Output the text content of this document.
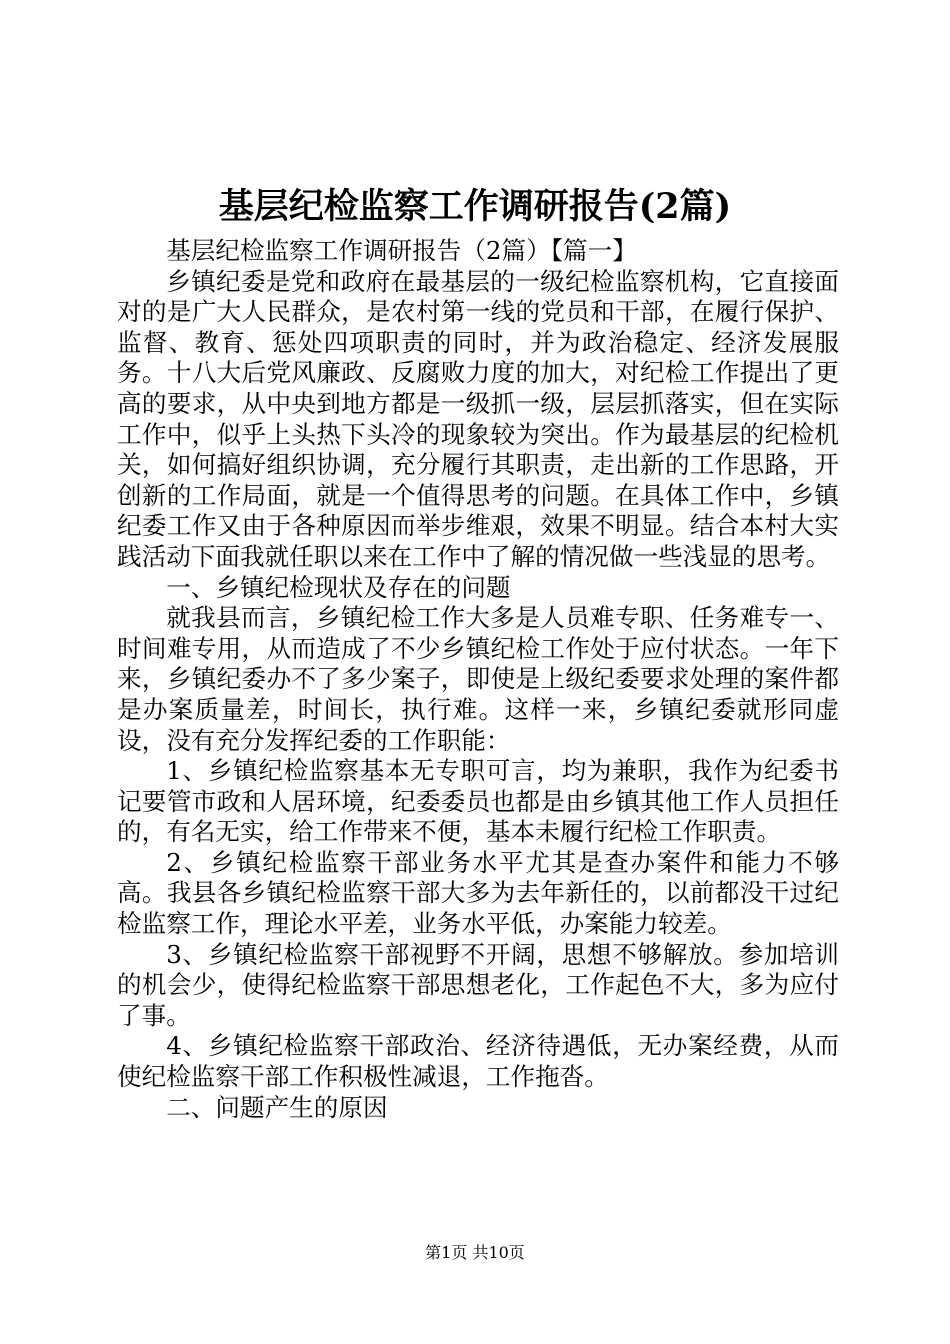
基层纪检监察工作调研报告(2篇)

基层纪检监察工作调研报告（2篇）【篇一】

乡镇纪委是党和政府在最基层的一级纪检监察机构，它直接面对的是广大人民群众，是农村第一线的党员和干部，在履行保护、监督、教育、惩处四项职责的同时，并为政治稳定、经济发展服务。十八大后党风廉政、反腐败力度的加大，对纪检工作提出了更高的要求，从中央到地方都是一级抓一级，层层抓落实，但在实际工作中，似乎上头热下头冷的现象较为突出。作为最基层的纪检机关，如何搞好组织协调，充分履行其职责，走出新的工作思路，开创新的工作局面，就是一个值得思考的问题。在具体工作中，乡镇纪委工作又由于各种原因而举步维艰，效果不明显。结合本村大实践活动下面我就任职以来在工作中了解的情况做一些浅显的思考。

一、乡镇纪检现状及存在的问题

就我县而言，乡镇纪检工作大多是人员难专职、任务难专一、时间难专用，从而造成了不少乡镇纪检工作处于应付状态。一年下来，乡镇纪委办不了多少案子，即使是上级纪委要求处理的案件都是办案质量差，时间长，执行难。这样一来，乡镇纪委就形同虚设，没有充分发挥纪委的工作职能：

1、乡镇纪检监察基本无专职可言，均为兼职，我作为纪委书记要管市政和人居环境，纪委委员也都是由乡镇其他工作人员担任的，有名无实，给工作带来不便，基本未履行纪检工作职责。

2、乡镇纪检监察干部业务水平尤其是查办案件和能力不够高。我县各乡镇纪检监察干部大多为去年新任的，以前都没干过纪检监察工作，理论水平差，业务水平低，办案能力较差。

3、乡镇纪检监察干部视野不开阔，思想不够解放。参加培训的机会少，使得纪检监察干部思想老化，工作起色不大，多为应付了事。

4、乡镇纪检监察干部政治、经济待遇低，无办案经费，从而使纪检监察干部工作积极性减退，工作拖沓。

二、问题产生的原因

第1页 共10页
